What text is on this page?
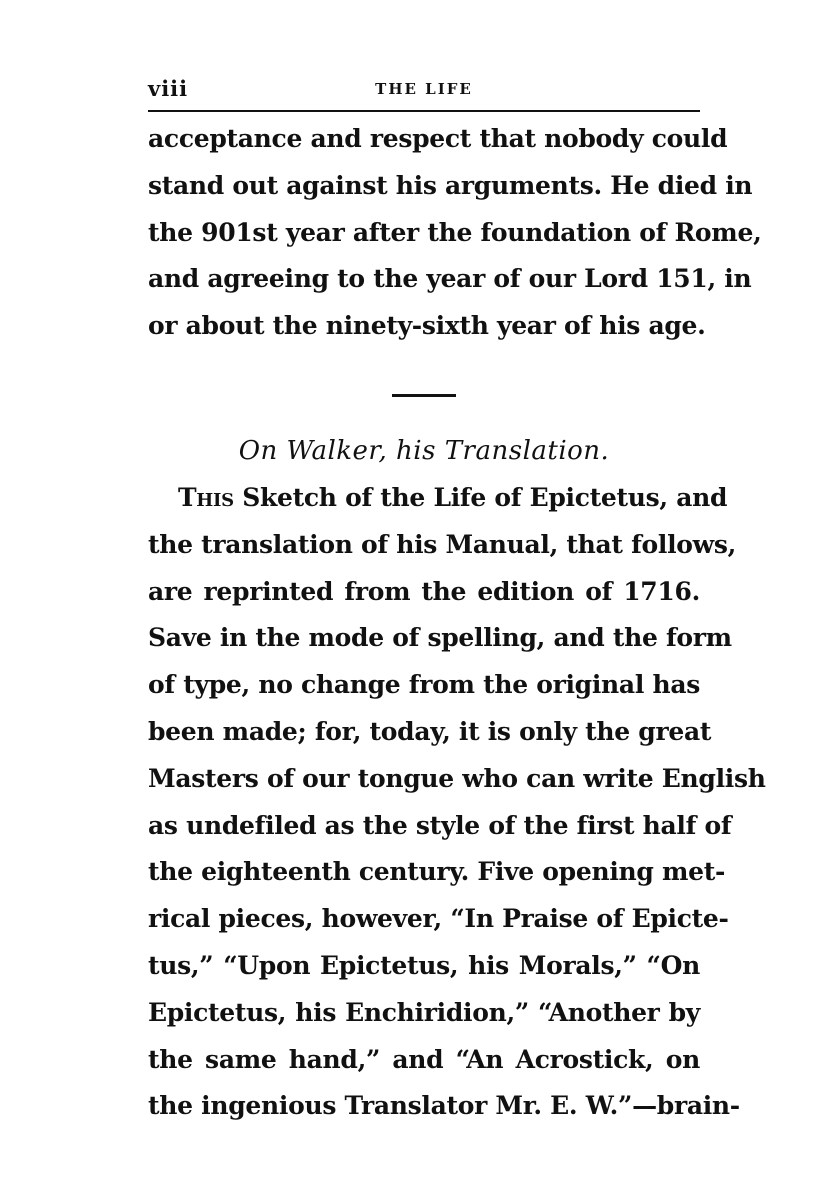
viii	THE LIFE
acceptance and respect that nobody could
stand out against his arguments. He died in
the 901st year after the foundation of Rome,
and agreeing to the year of our Lord 151, in
or about the ninety-sixth year of his age.
On Walker, his Translation.
This Sketch of the Life of Epictetus, and
the translation of his Manual, that follows,
are reprinted from the edition of 1716.
Save in the mode of spelling, and the form
of type, no change from the original has
been made; for, today, it is only the great
Masters of our tongue who can write English
as undefiled as the style of the first half of
the eighteenth century. Five opening met-
rical pieces, however, “In Praise of Epicte-
tus,” “Upon Epictetus, his Morals,” “On
Epictetus, his Enchiridion,” “Another by
the same hand,” and “An Acrostick, on
the ingenious Translator Mr. E. W.”—brain-
